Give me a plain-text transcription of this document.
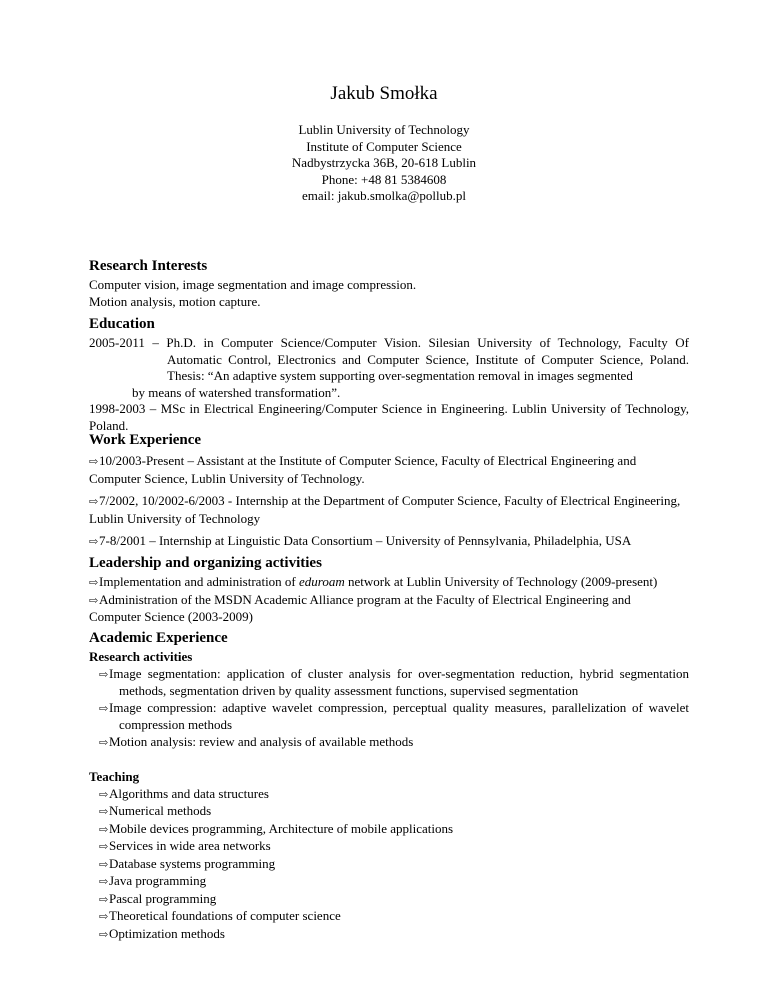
Jakub Smołka
Lublin University of Technology
Institute of Computer Science
Nadbystrzycka 36B, 20-618 Lublin
Phone: +48 81 5384608
email: jakub.smolka@pollub.pl
Research Interests
Computer vision, image segmentation and image compression.
Motion analysis, motion capture.
Education
2005-2011 – Ph.D. in Computer Science/Computer Vision. Silesian University of Technology, Faculty Of
Automatic Control, Electronics and Computer Science, Institute of Computer Science, Poland.
Thesis: “An adaptive system supporting over-segmentation removal in images segmented
by means of watershed transformation”.
1998-2003 – MSc in Electrical Engineering/Computer Science in Engineering. Lublin University of Technology,
Poland.
Work Experience
⇨10/2003-Present – Assistant at the Institute of Computer Science, Faculty of Electrical Engineering and
Computer Science, Lublin University of Technology.
⇨7/2002, 10/2002-6/2003 - Internship at the Department of Computer Science, Faculty of Electrical Engineering,
Lublin University of Technology
⇨7-8/2001 – Internship at Linguistic Data Consortium – University of Pennsylvania, Philadelphia, USA
Leadership and organizing activities
⇨Implementation and administration of eduroam network at Lublin University of Technology (2009-present)
⇨Administration of the MSDN Academic Alliance program at the Faculty of Electrical Engineering and
Computer Science (2003-2009)
Academic Experience
Research activities
⇨Image segmentation: application of cluster analysis for over-segmentation reduction, hybrid segmentation
methods, segmentation driven by quality assessment functions, supervised segmentation
⇨Image compression: adaptive wavelet compression, perceptual quality measures, parallelization of wavelet
compression methods
⇨Motion analysis: review and analysis of available methods
Teaching
⇨Algorithms and data structures
⇨Numerical methods
⇨Mobile devices programming, Architecture of mobile applications
⇨Services in wide area networks
⇨Database systems programming
⇨Java programming
⇨Pascal programming
⇨Theoretical foundations of computer science
⇨Optimization methods
